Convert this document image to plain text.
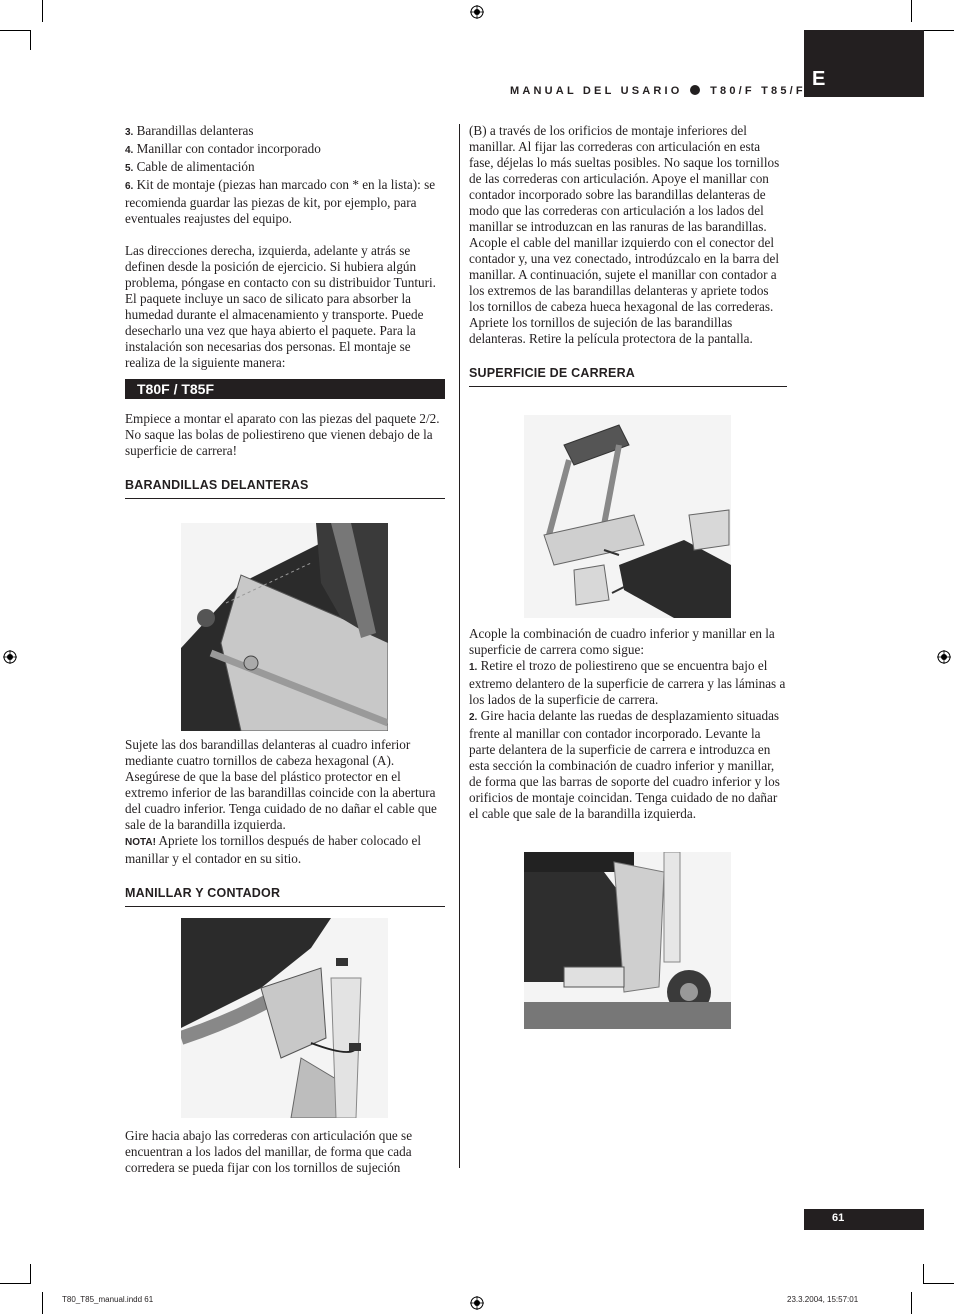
E
MANUAL DEL USARIO	T80/F T85/F

3. Barandillas delanteras

4. Manillar con contador incorporado

5. Cable de alimentación

6. Kit de montaje (piezas han marcado con * en la lista): se recomienda guardar las piezas de kit, por ejemplo, para eventuales reajustes del equipo.

Las direcciones derecha, izquierda, adelante y atrás se definen desde la posición de ejercicio. Si hubiera algún problema, póngase en contacto con su distribuidor Tunturi. El paquete incluye un saco de silicato para absorber la humedad durante el almacenamiento y transporte. Puede desecharlo una vez que haya abierto el paquete. Para la instalación son necesarias dos personas. El montaje se realiza de la siguiente manera:

T80F / T85F

Empiece a montar el aparato con las piezas del paquete 2/2.

No saque las bolas de poliestireno que vienen debajo de la superficie de carrera!

BARANDILLAS DELANTERAS

Sujete las dos barandillas delanteras al cuadro inferior mediante cuatro tornillos de cabeza hexagonal (A). Asegúrese de que la base del plástico protector en el extremo inferior de las barandillas coincide con la abertura del cuadro inferior. Tenga cuidado de no dañar el cable que sale de la barandilla izquierda.

NOTA! Apriete los tornillos después de haber colocado el manillar y el contador en su sitio.

MANILLAR Y CONTADOR

Gire hacia abajo las correderas con articulación que se encuentran a los lados del manillar, de forma que cada corredera se pueda fijar con los tornillos de sujeción

(B) a través de los orificios de montaje inferiores del manillar. Al fijar las correderas con articulación en esta fase, déjelas lo más sueltas posibles. No saque los tornillos de las correderas con articulación. Apoye el manillar con contador incorporado sobre las barandillas delanteras de modo que las correderas con articulación a los lados del manillar se introduzcan en las ranuras de las barandillas. Acople el cable del manillar izquierdo con el conector del contador y, una vez conectado, introdúzcalo en la barra del manillar. A continuación, sujete el manillar con contador a los extremos de las barandillas delanteras y apriete todos los tornillos de cabeza hueca hexagonal de las correderas. Apriete los tornillos de sujeción de las barandillas delanteras. Retire la película protectora de la pantalla.

SUPERFICIE DE CARRERA

Acople la combinación de cuadro inferior y manillar en la superficie de carrera como sigue:

1. Retire el trozo de poliestireno que se encuentra bajo el extremo delantero de la superficie de carrera y las láminas a los lados de la superficie de carrera.

2. Gire hacia delante las ruedas de desplazamiento situadas frente al manillar con contador incorporado. Levante la parte delantera de la superficie de carrera e introduzca en esta sección la combinación de cuadro inferior y manillar, de forma que las barras de soporte del cuadro inferior y los orificios de montaje coincidan. Tenga cuidado de no dañar el cable que sale de la barandilla izquierda.

61
T80_T85_manual.indd 61	23.3.2004, 15:57:01
